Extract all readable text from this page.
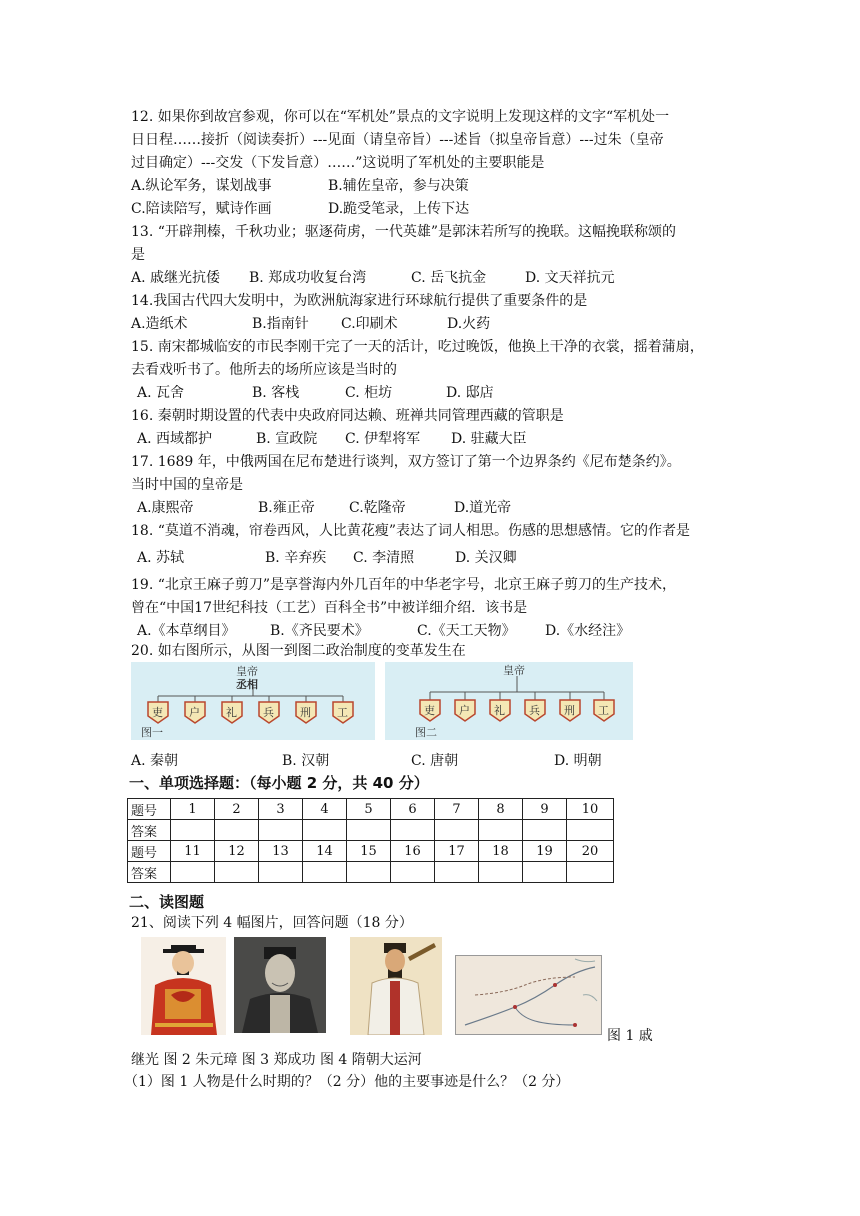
12. 如果你到故宫参观，你可以在“军机处”景点的文字说明上发现这样的文字“军机处一
日日程……接折（阅读奏折）---见面（请皇帝旨）---述旨（拟皇帝旨意）---过朱（皇帝
过目确定）---交发（下发旨意）……”这说明了军机处的主要职能是
A.纵论军务，谋划战事	B.辅佐皇帝，参与决策
C.陪读陪写，赋诗作画	D.跪受笔录，上传下达
13. “开辟荆榛，千秋功业；驱逐荷虏，一代英雄”是郭沫若所写的挽联。这幅挽联称颂的
是
A. 戚继光抗倭 B. 郑成功收复台湾	C. 岳飞抗金	D. 文天祥抗元
14.我国古代四大发明中，为欧洲航海家进行环球航行提供了重要条件的是
A.造纸术	B.指南针 C.印刷术	D.火药
15. 南宋都城临安的市民李刚干完了一天的活计，吃过晚饭，他换上干净的衣裳，摇着蒲扇，
去看戏听书了。他所去的场所应该是当时的
A. 瓦舍	B. 客栈	C. 柜坊	D. 邸店
16. 秦朝时期设置的代表中央政府同达赖、班禅共同管理西藏的管职是
A. 西域都护	B. 宣政院 C. 伊犁将军 D. 驻藏大臣
17. 1689 年，中俄两国在尼布楚进行谈判，双方签订了第一个边界条约《尼布楚条约》。
当时中国的皇帝是
A.康熙帝	B.雍正帝 C.乾隆帝	D.道光帝
18. “莫道不消魂，帘卷西风，人比黄花瘦”表达了词人相思。伤感的思想感情。它的作者是
A. 苏轼	B. 辛弃疾 C. 李清照	D. 关汉卿
19. “北京王麻子剪刀”是享誉海内外几百年的中华老字号，北京王麻子剪刀的生产技术，
曾在“中国17世纪科技（工艺）百科全书”中被详细介绍．该书是
A.《本草纲目》 B.《齐民要术》	C.《天工天物》 D.《水经注》
20. 如右图所示，从图一到图二政治制度的变革发生在
皇帝
丞相
吏 户 礼 兵 刑 工
图一
皇帝
吏 户 礼 兵 刑 工
图二
A. 秦朝	B. 汉朝	C. 唐朝	D. 明朝
一、单项选择题：（每小题 2 分，共 40 分）
题号	1	2	3	4	5	6	7	8	9	10
答案										
题号	11	12	13	14	15	16	17	18	19	20
答案										
二、读图题
21、阅读下列 4 幅图片，回答问题（18 分）
图 1 戚
继光 图 2 朱元璋 图 3 郑成功 图 4 隋朝大运河
（1）图 1 人物是什么时期的？（2 分）他的主要事迹是什么？（2 分）
